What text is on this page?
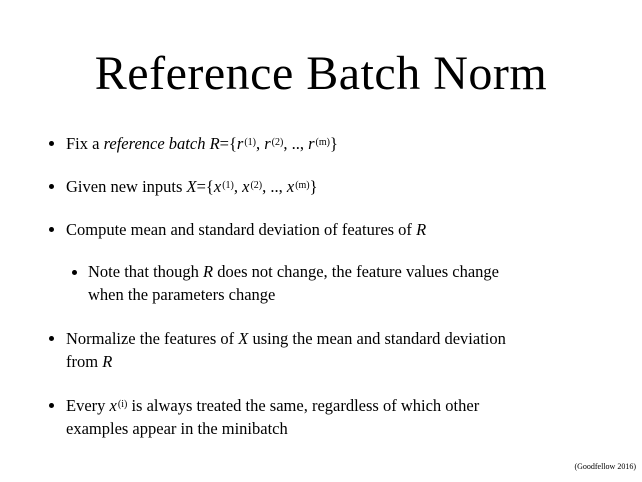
Reference Batch Norm
Fix a reference batch $R=\{r^{(1)}$, $r^{(2)}$, .., $r^{(m)}$}
Given new inputs $X=\{x^{(1)}$, $x^{(2)}$, .., $x^{(m)}$}
Compute mean and standard deviation of features of R
Note that though R does not change, the feature values change
when the parameters change
Normalize the features of X using the mean and standard deviation
from R
Every $x^{(i)}$ is always treated the same, regardless of which other
examples appear in the minibatch
(Goodfellow 2016)
